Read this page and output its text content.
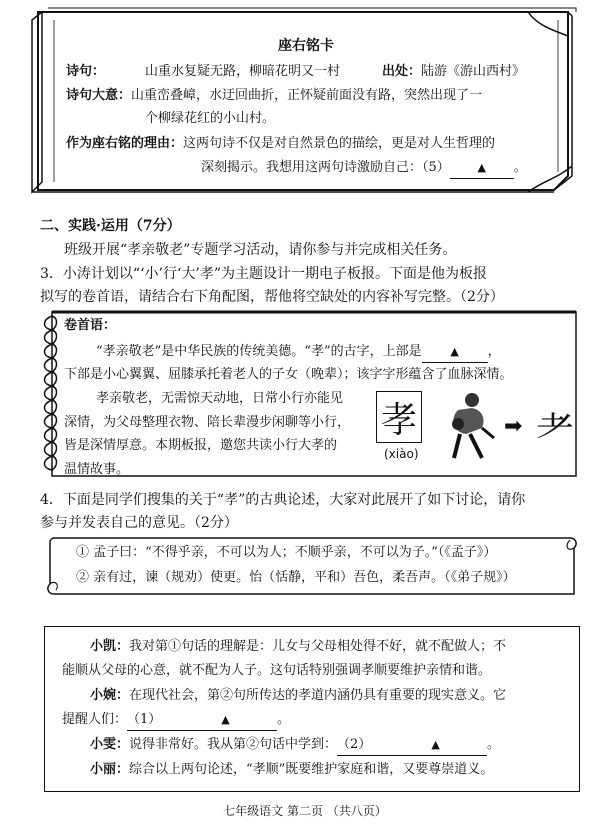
座右铭卡
诗句：	山重水复疑无路，柳暗花明又一村	出处：陆游《游山西村》
诗句大意：山重峦叠嶂，水迂回曲折，正怀疑前面没有路，突然出现了一
个柳绿花红的小山村。
作为座右铭的理由：这两句诗不仅是对自然景色的描绘，更是对人生哲理的
深刻揭示。我想用这两句诗激励自己：（5）	▲ 。
二、实践·运用（7分）
班级开展“孝亲敬老”专题学习活动，请你参与并完成相关任务。
3．小涛计划以“‘小’行‘大’孝”为主题设计一期电子板报。下面是他为板报
拟写的卷首语，请结合右下角配图，帮他将空缺处的内容补写完整。（2分）
卷首语：
“孝亲敬老”是中华民族的传统美德。“孝”的古字，上部是	▲ ，
下部是小心翼翼、屈膝承托着老人的子女（晚辈）；该字字形蕴含了血脉深情。
孝亲敬老，无需惊天动地，日常小行亦能见
深情，为父母整理衣物、陪长辈漫步闲聊等小行，
皆是深情厚意。本期板报，邀您共读小行大孝的
温情故事。
孝
(xiào)
➡ 耂
4．下面是同学们搜集的关于“孝”的古典论述，大家对此展开了如下讨论，请你
参与并发表自己的意见。（2分）
① 孟子曰：“不得乎亲，不可以为人；不顺乎亲，不可以为子。”（《孟子》）
② 亲有过，谏（规劝）使更。怡（恬静，平和）吾色，柔吾声。（《弟子规》）
小凯：我对第①句话的理解是：儿女与父母相处得不好，就不配做人；不
能顺从父母的心意，就不配为人子。这句话特别强调孝顺要维护亲情和谐。
小婉：在现代社会，第②句所传达的孝道内涵仍具有重要的现实意义。它
提醒人们：（1）	▲	。
小雯：说得非常好。我从第②句话中学到：（2）	▲	。
小丽：综合以上两句论述，“孝顺”既要维护家庭和谐，又要尊崇道义。
七年级语文 第二页 （共八页）
